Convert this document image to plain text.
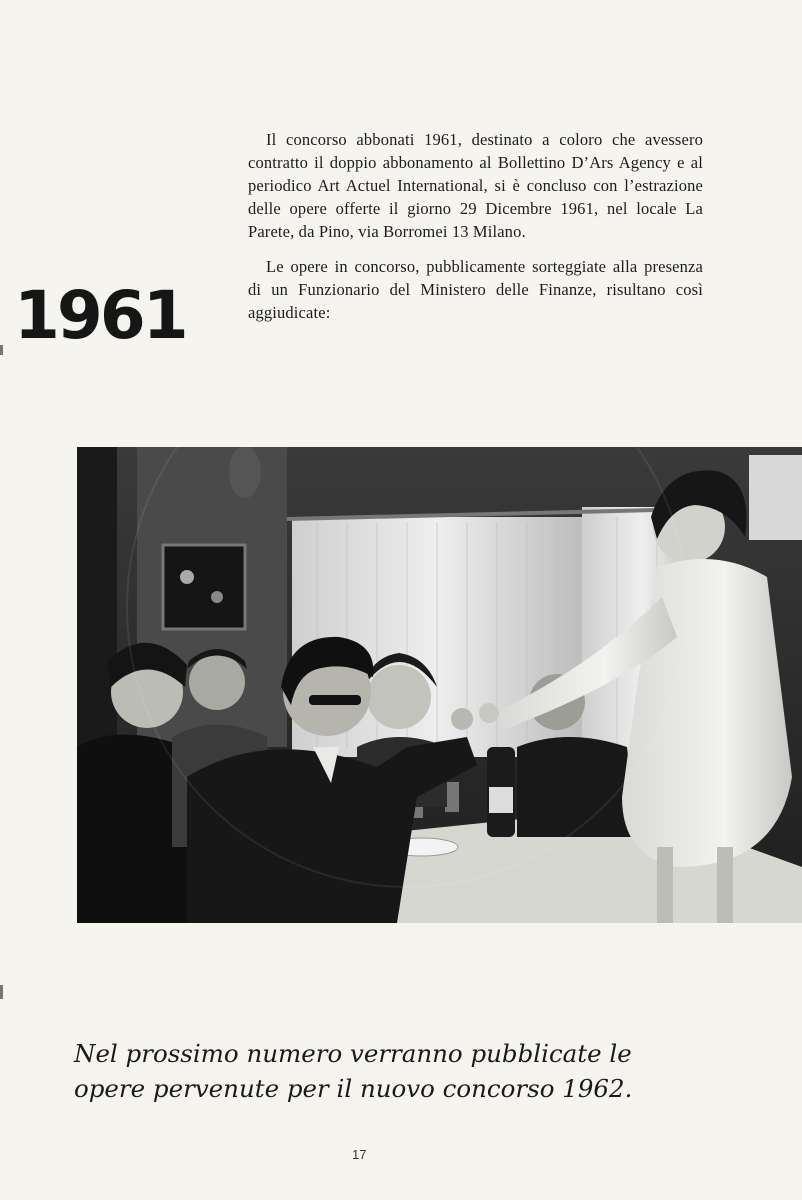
Il concorso abbonati 1961, destinato a coloro che avessero contratto il doppio abbonamento al Bollettino D’Ars Agency e al periodico Art Actuel International, si è concluso con l’estrazione delle opere offerte il giorno 29 Dicembre 1961, nel locale La Parete, da Pino, via Borromei 13 Milano.

Le opere in concorso, pubblicamente sorteggiate alla presenza di un Funzionario del Ministero delle Finanze, risultano così aggiudicate:

1961

Nel prossimo numero verranno pubblicate le

opere pervenute per il nuovo concorso 1962.

17
